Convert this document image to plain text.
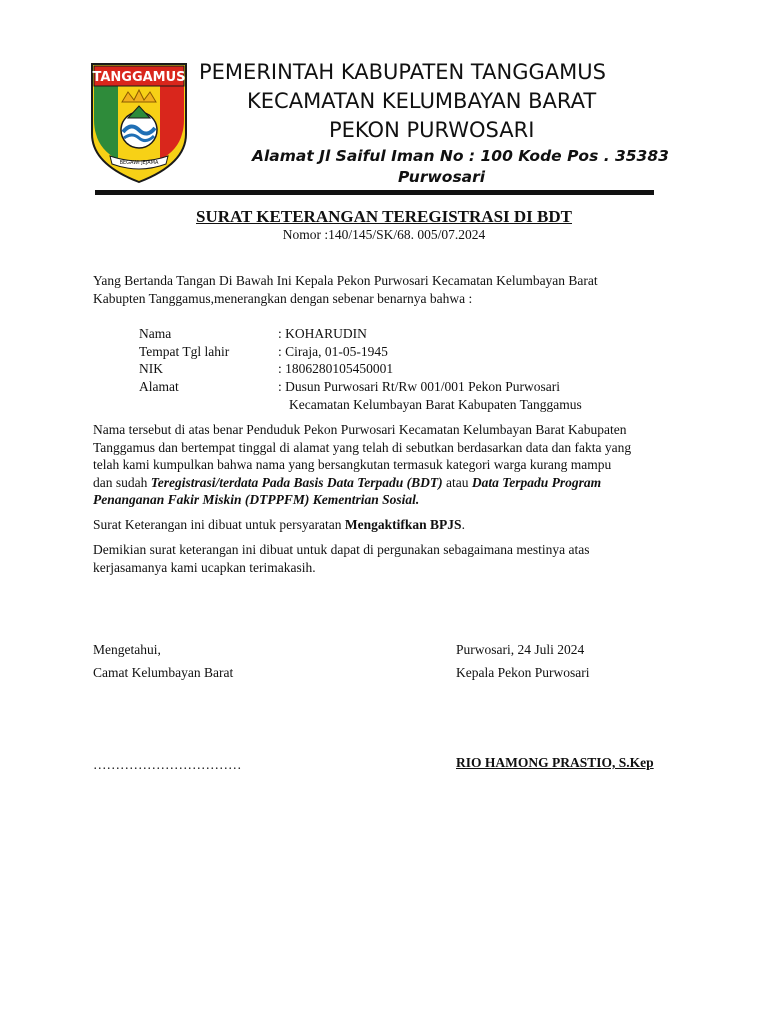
TANGGAMUS
BEGAWI JEJAMA
PEMERINTAH KABUPATEN TANGGAMUS
KECAMATAN KELUMBAYAN BARAT
PEKON PURWOSARI
Alamat Jl Saiful Iman No : 100 Kode Pos . 35383
Purwosari
SURAT KETERANGAN TEREGISTRASI DI BDT
Nomor :140/145/SK/68. 005/07.2024
Yang Bertanda Tangan Di Bawah Ini Kepala Pekon Purwosari Kecamatan Kelumbayan Barat
Kabupten Tanggamus,menerangkan dengan sebenar benarnya bahwa :
Nama	: KOHARUDIN
Tempat Tgl lahir	: Ciraja, 01-05-1945
NIK	: 1806280105450001
Alamat	: Dusun Purwosari Rt/Rw 001/001 Pekon Purwosari
Kecamatan Kelumbayan Barat Kabupaten Tanggamus
Nama tersebut di atas benar Penduduk Pekon Purwosari Kecamatan Kelumbayan Barat Kabupaten
Tanggamus dan bertempat tinggal di alamat yang telah di sebutkan berdasarkan data dan fakta yang
telah kami kumpulkan bahwa nama yang bersangkutan termasuk kategori warga kurang mampu
dan sudah Teregistrasi/terdata Pada Basis Data Terpadu (BDT) atau Data Terpadu Program
Penanganan Fakir Miskin (DTPPFM) Kementrian Sosial.
Surat Keterangan ini dibuat untuk persyaratan Mengaktifkan BPJS.
Demikian surat keterangan ini dibuat untuk dapat di pergunakan sebagaimana mestinya atas
kerjasamanya kami ucapkan terimakasih.
Mengetahui,
Camat Kelumbayan Barat
……………………………
Purwosari, 24 Juli 2024
Kepala Pekon Purwosari
RIO HAMONG PRASTIO, S.Kep
